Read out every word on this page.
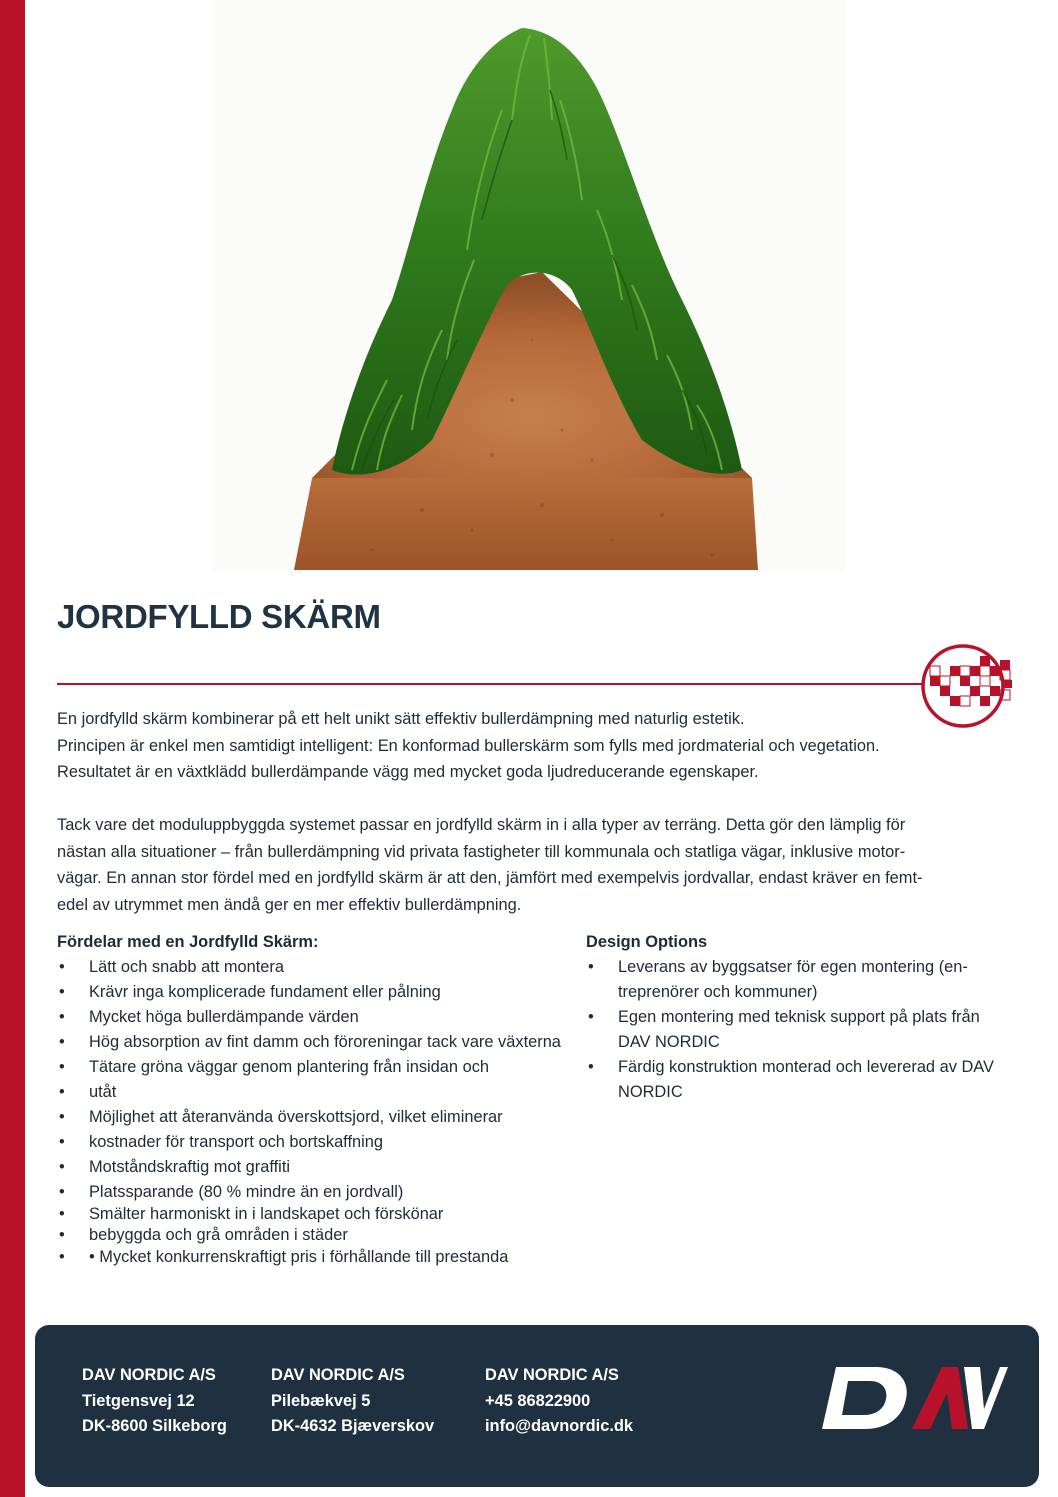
JORDFYLLD SKÄRM
En jordfylld skärm kombinerar på ett helt unikt sätt effektiv bullerdämpning med naturlig estetik.
Principen är enkel men samtidigt intelligent: En konformad bullerskärm som fylls med jordmaterial och vegetation.
Resultatet är en växtklädd bullerdämpande vägg med mycket goda ljudreducerande egenskaper.
Tack vare det moduluppbyggda systemet passar en jordfylld skärm in i alla typer av terräng. Detta gör den lämplig för
nästan alla situationer – från bullerdämpning vid privata fastigheter till kommunala och statliga vägar, inklusive motor-
vägar. En annan stor fördel med en jordfylld skärm är att den, jämfört med exempelvis jordvallar, endast kräver en femt-
edel av utrymmet men ändå ger en mer effektiv bullerdämpning.
Fördelar med en Jordfylld Skärm:
• Lätt och snabb att montera
• Krävr inga komplicerade fundament eller pålning
• Mycket höga bullerdämpande värden
• Hög absorption av fint damm och föroreningar tack vare växterna
• Tätare gröna väggar genom plantering från insidan och
• utåt
• Möjlighet att återanvända överskottsjord, vilket eliminerar
• kostnader för transport och bortskaffning
• Motståndskraftig mot graffiti
• Platssparande (80 % mindre än en jordvall)
• Smälter harmoniskt in i landskapet och förskönar
• bebyggda och grå områden i städer
• • Mycket konkurrenskraftigt pris i förhållande till prestanda
Design Options
• Leverans av byggsatser för egen montering (en-treprenörer och kommuner)
• Egen montering med teknisk support på plats från DAV NORDIC
• Färdig konstruktion monterad och levererad av DAV NORDIC
DAV NORDIC A/S
Tietgensvej 12
DK-8600 Silkeborg
DAV NORDIC A/S
Pilebækvej 5
DK-4632 Bjæverskov
DAV NORDIC A/S
+45 86822900
info@davnordic.dk
